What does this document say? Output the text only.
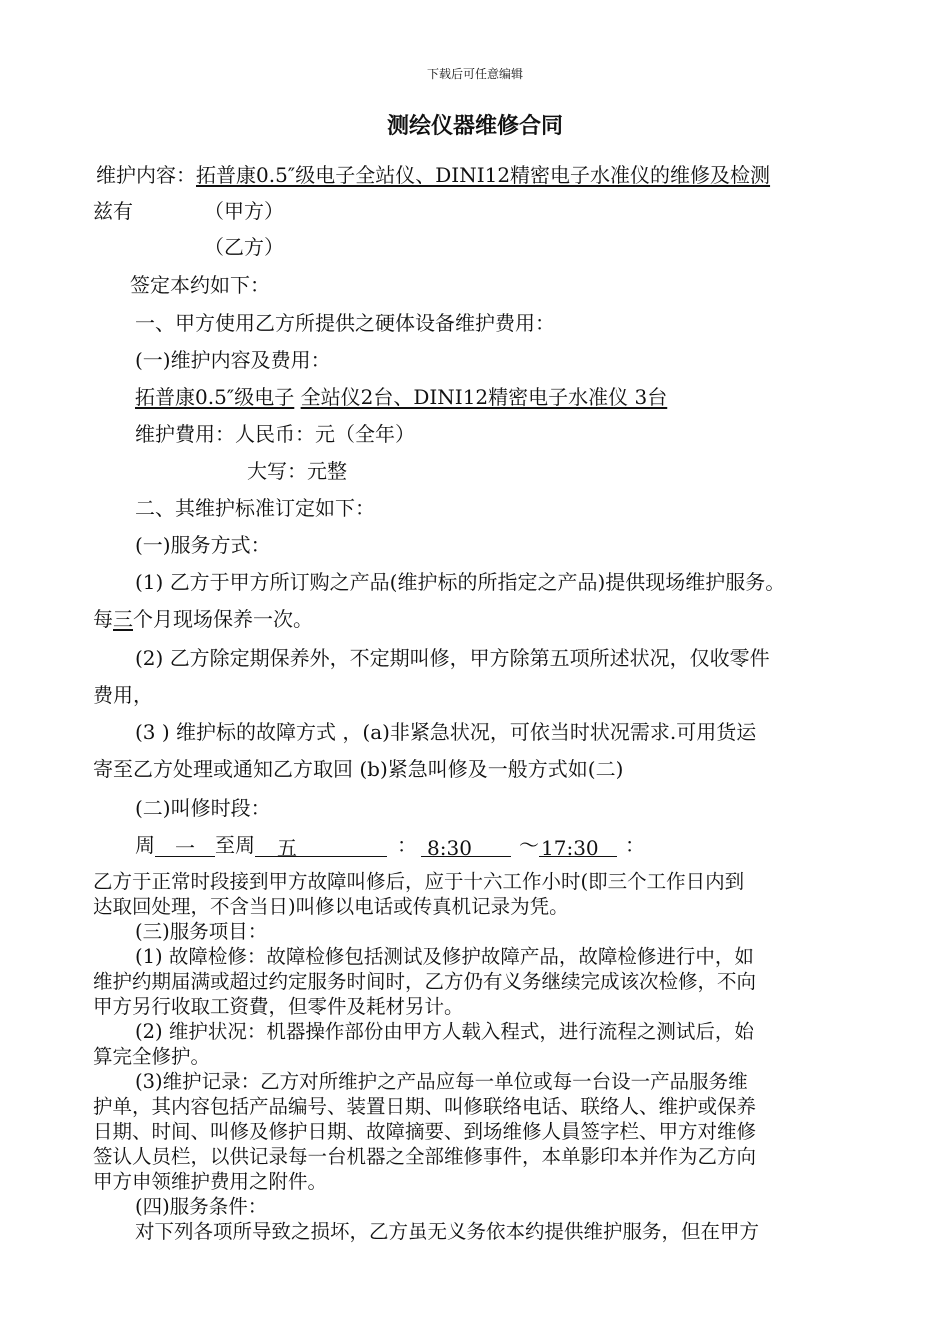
下载后可任意编辑
测绘仪器维修合同
维护内容：拓普康0.5″级电子全站仪、DINI12精密电子水准仪的维修及检测
兹有	（甲方）
（乙方）
签定本约如下：
一、甲方使用乙方所提供之硬体设备维护费用：
(一)维护内容及费用：
拓普康0.5″级电子 全站仪2台、DINI12精密电子水准仪 3台
维护費用：人民币：元（全年）
大写：元整
二、其维护标准订定如下：
(一)服务方式：
(1) 乙方于甲方所订购之产品(维护标的所指定之产品)提供现场维护服务。
每三个月现场保养一次。
(2) 乙方除定期保养外，不定期叫修，甲方除第五项所述状况，仅收零件
费用，
(3 ) 维护标的故障方式 ，(a)非紧急状况，可依当时状况需求.可用货运
寄至乙方处理或通知乙方取回 (b)紧急叫修及一般方式如(二)
(二)叫修时段：
周 一 至周 五	： 8:30 ～ 17:30 ：
乙方于正常时段接到甲方故障叫修后，应于十六工作小时(即三个工作日内到
达取回处理，不含当日)叫修以电话或传真机记录为凭。
(三)服务项目：
(1) 故障检修：故障检修包括测试及修护故障产品，故障检修进行中，如
维护约期届满或超过约定服务时间时，乙方仍有义务继续完成该次检修，不向
甲方另行收取工资費，但零件及耗材另计。
(2) 维护状况：机器操作部份由甲方人载入程式，进行流程之测试后，始
算完全修护。
(3)维护记录：乙方对所维护之产品应每一单位或每一台设一产品服务维
护单，其内容包括产品编号、装置日期、叫修联络电话、联络人、维护或保养
日期、时间、叫修及修护日期、故障摘要、到场维修人員签字栏、甲方对维修
签认人员栏，以供记录每一台机器之全部维修事件，本单影印本并作为乙方向
甲方申领维护费用之附件。
(四)服务条件：
对下列各项所导致之损坏，乙方虽无义务依本约提供维护服务，但在甲方
